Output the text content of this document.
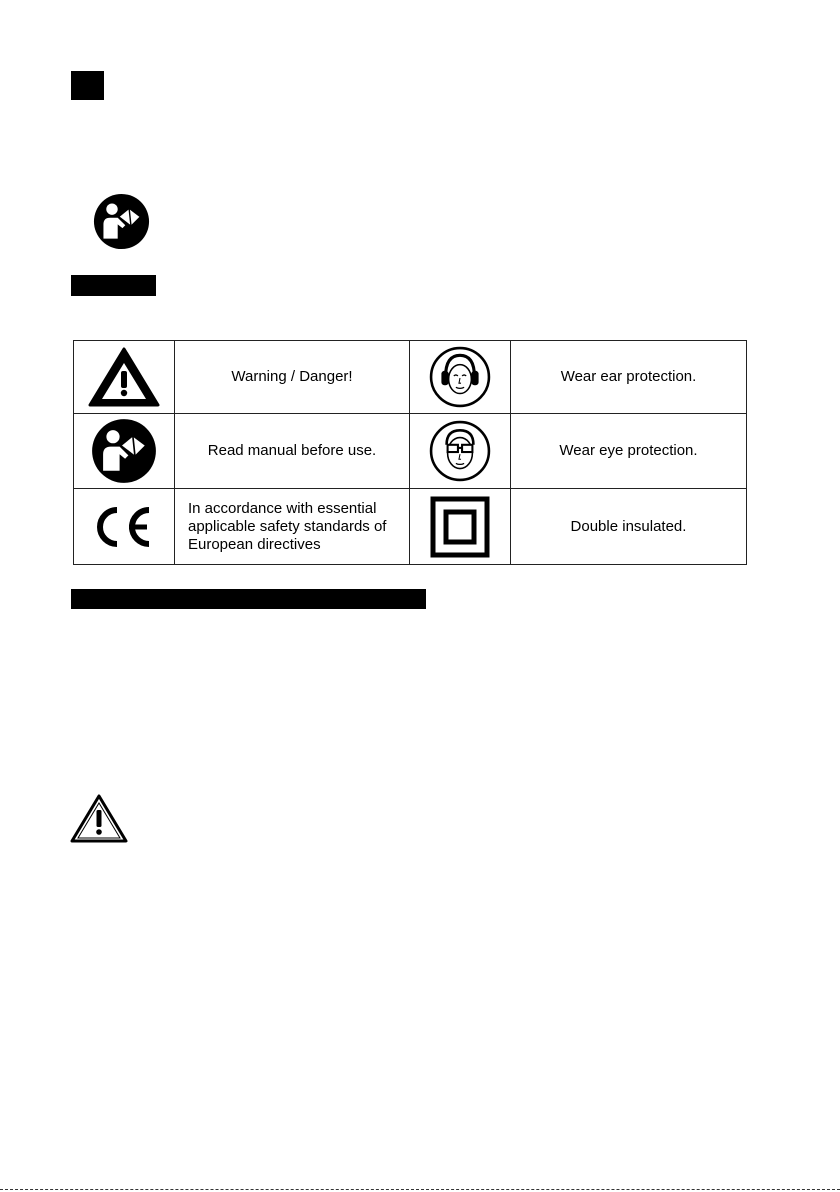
	Warning / Danger!		Wear ear protection.

	Read manual before use.		Wear eye protection.

In accordance with essential
applicable safety standards of
European directives		Double insulated.
